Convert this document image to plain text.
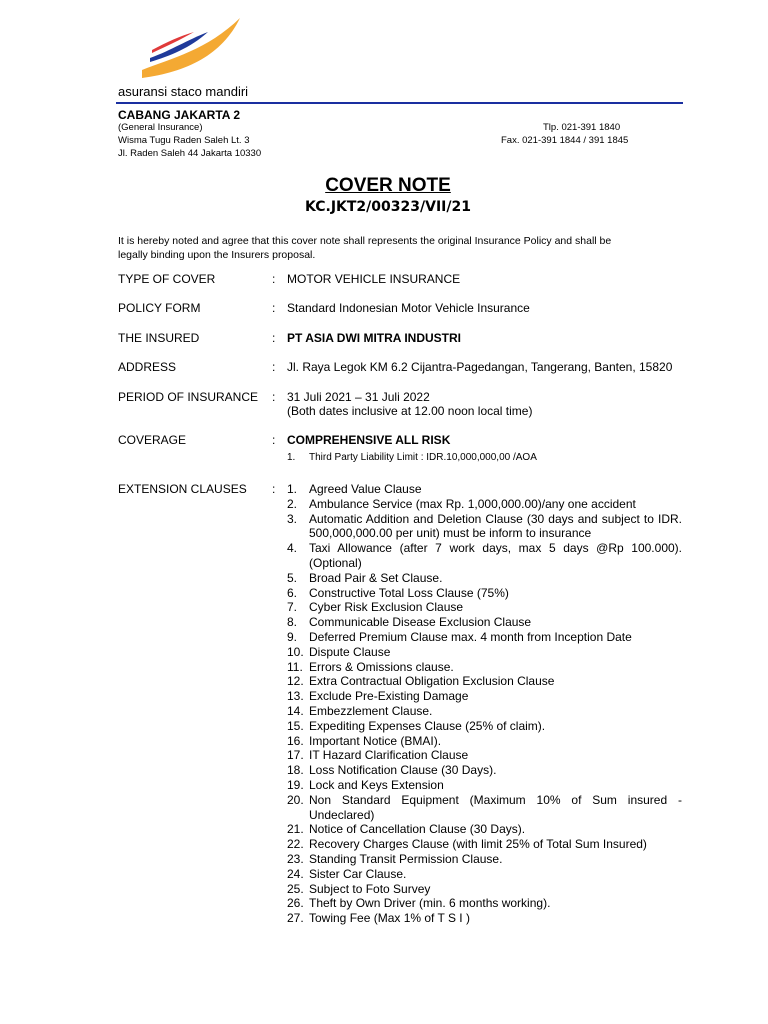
asuransi staco mandiri
CABANG JAKARTA 2
(General Insurance)
Wisma Tugu Raden Saleh Lt. 3
Jl. Raden Saleh 44 Jakarta 10330
Tlp. 021-391 1840
Fax. 021-391 1844 / 391 1845
COVER NOTE
KC.JKT2/00323/VII/21
It is hereby noted and agree that this cover note shall represents the original Insurance Policy and shall be legally binding upon the Insurers proposal.
TYPE OF COVER	: MOTOR VEHICLE INSURANCE
POLICY FORM	: Standard Indonesian Motor Vehicle Insurance
THE INSURED	: PT ASIA DWI MITRA INDUSTRI
ADDRESS	: Jl. Raya Legok KM 6.2 Cijantra-Pagedangan, Tangerang, Banten, 15820
PERIOD OF INSURANCE : 31 Juli 2021 – 31 Juli 2022
(Both dates inclusive at 12.00 noon local time)
COVERAGE	: COMPREHENSIVE ALL RISK
1. Third Party Liability Limit : IDR.10,000,000,00 /AOA
EXTENSION CLAUSES : 1. Agreed Value Clause
2. Ambulance Service (max Rp. 1,000,000.00)/any one accident
3. Automatic Addition and Deletion Clause (30 days and subject to IDR. 500,000,000.00 per unit) must be inform to insurance
4. Taxi Allowance (after 7 work days, max 5 days @Rp 100.000). (Optional)
5. Broad Pair & Set Clause.
6. Constructive Total Loss Clause (75%)
7. Cyber Risk Exclusion Clause
8. Communicable Disease Exclusion Clause
9. Deferred Premium Clause max. 4 month from Inception Date
10. Dispute Clause
11. Errors & Omissions clause.
12. Extra Contractual Obligation Exclusion Clause
13. Exclude Pre-Existing Damage
14. Embezzlement Clause.
15. Expediting Expenses Clause (25% of claim).
16. Important Notice (BMAI).
17. IT Hazard Clarification Clause
18. Loss Notification Clause (30 Days).
19. Lock and Keys Extension
20. Non Standard Equipment (Maximum 10% of Sum insured - Undeclared)
21. Notice of Cancellation Clause (30 Days).
22. Recovery Charges Clause (with limit 25% of Total Sum Insured)
23. Standing Transit Permission Clause.
24. Sister Car Clause.
25. Subject to Foto Survey
26. Theft by Own Driver (min. 6 months working).
27. Towing Fee (Max 1% of T S I )
